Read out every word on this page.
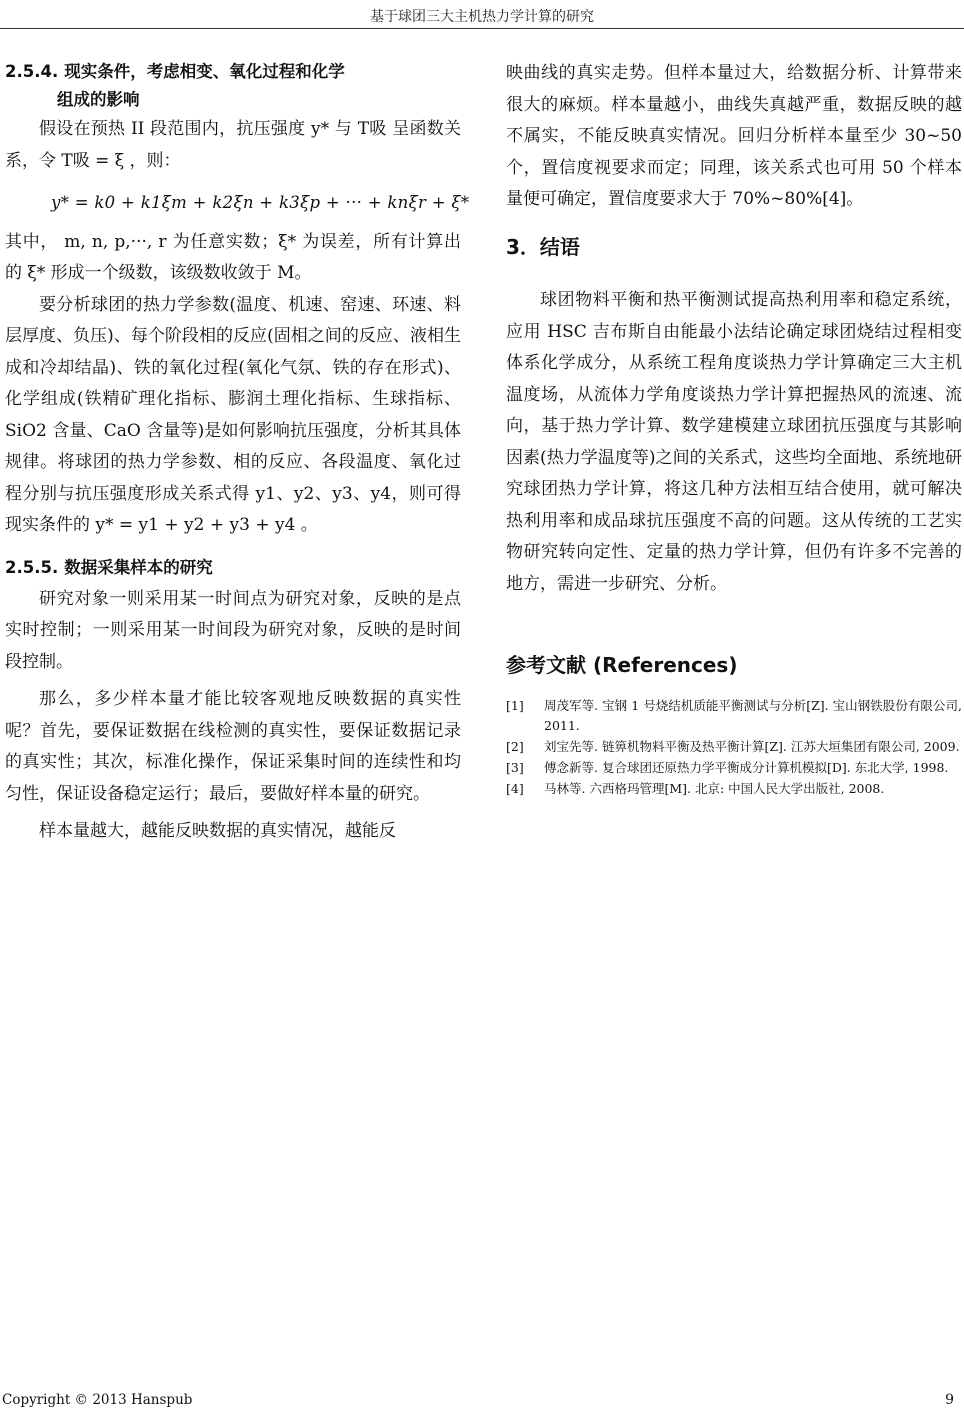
基于球团三大主机热力学计算的研究
2.5.4. 现实条件，考虑相变、氧化过程和化学
组成的影响

假设在预热 II 段范围内，抗压强度 y* 与 T吸 呈函数关系，令 T吸 = ξ ，则：

y* = k0 + k1ξm + k2ξn + k3ξp + ··· + knξr + ξ*

其中， m, n, p,···, r 为任意实数；ξ* 为误差，所有计算出的 ξ* 形成一个级数，该级数收敛于 M。

要分析球团的热力学参数(温度、机速、窑速、环速、料层厚度、负压)、每个阶段相的反应(固相之间的反应、液相生成和冷却结晶)、铁的氧化过程(氧化气氛、铁的存在形式)、化学组成(铁精矿理化指标、膨润土理化指标、生球指标、SiO2 含量、CaO 含量等)是如何影响抗压强度，分析其具体规律。将球团的热力学参数、相的反应、各段温度、氧化过程分别与抗压强度形成关系式得 y1、y2、y3、y4，则可得现实条件的 y* = y1 + y2 + y3 + y4 。

2.5.5. 数据采集样本的研究

研究对象一则采用某一时间点为研究对象，反映的是点实时控制；一则采用某一时间段为研究对象，反映的是时间段控制。

那么，多少样本量才能比较客观地反映数据的真实性呢？首先，要保证数据在线检测的真实性，要保证数据记录的真实性；其次，标准化操作，保证采集时间的连续性和均匀性，保证设备稳定运行；最后，要做好样本量的研究。

样本量越大，越能反映数据的真实情况，越能反

映曲线的真实走势。但样本量过大，给数据分析、计算带来很大的麻烦。样本量越小，曲线失真越严重，数据反映的越不属实，不能反映真实情况。回归分析样本量至少 30~50 个，置信度视要求而定；同理，该关系式也可用 50 个样本量便可确定，置信度要求大于 70%~80%[4]。

3．结语

球团物料平衡和热平衡测试提高热利用率和稳定系统，应用 HSC 吉布斯自由能最小法结论确定球团烧结过程相变体系化学成分，从系统工程角度谈热力学计算确定三大主机温度场，从流体力学角度谈热力学计算把握热风的流速、流向，基于热力学计算、数学建模建立球团抗压强度与其影响因素(热力学温度等)之间的关系式，这些均全面地、系统地研究球团热力学计算，将这几种方法相互结合使用，就可解决热利用率和成品球抗压强度不高的问题。这从传统的工艺实物研究转向定性、定量的热力学计算，但仍有许多不完善的地方，需进一步研究、分析。

参考文献 (References)
[1]	周茂军等. 宝钢 1 号烧结机质能平衡测试与分析[Z]. 宝山钢铁股份有限公司, 2011.
[2]	刘宝先等. 链箅机物料平衡及热平衡计算[Z]. 江苏大垣集团有限公司, 2009.
[3]	傅念新等. 复合球团还原热力学平衡成分计算机模拟[D]. 东北大学, 1998.
[4]	马林等. 六西格玛管理[M]. 北京: 中国人民大学出版社, 2008.
Copyright © 2013 Hanspub	9
